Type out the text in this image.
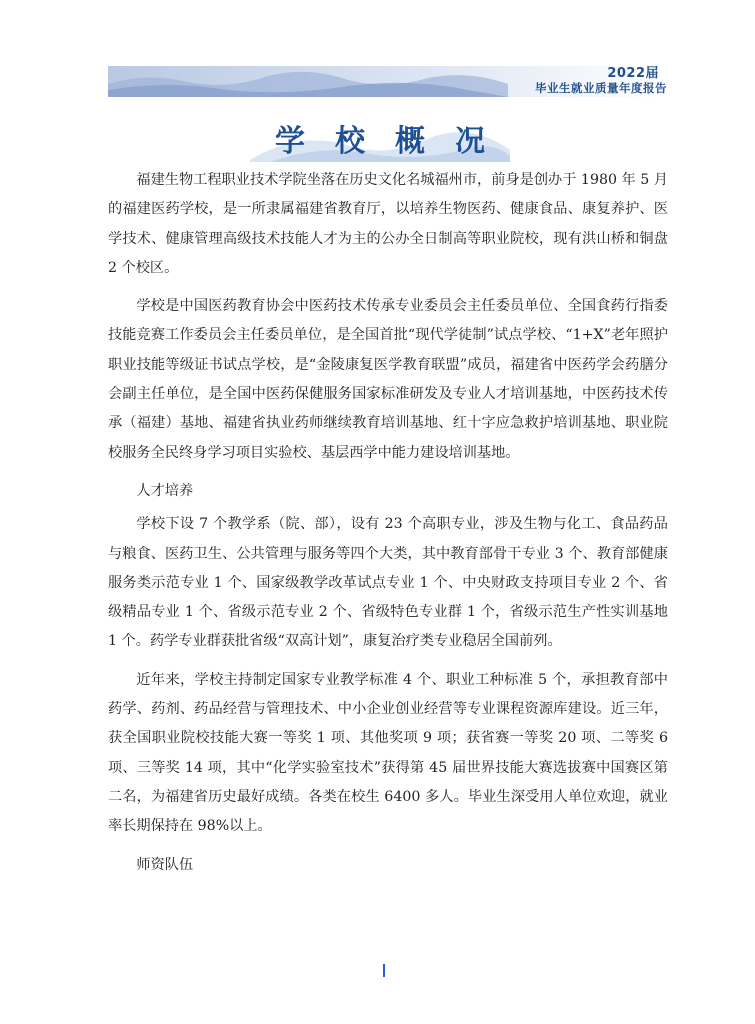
2022届
毕业生就业质量年度报告
学校概况

福建生物工程职业技术学院坐落在历史文化名城福州市，前身是创办于 1980 年 5 月的福建医药学校，是一所隶属福建省教育厅，以培养生物医药、健康食品、康复养护、医学技术、健康管理高级技术技能人才为主的公办全日制高等职业院校，现有洪山桥和铜盘 2 个校区。

学校是中国医药教育协会中医药技术传承专业委员会主任委员单位、全国食药行指委技能竞赛工作委员会主任委员单位，是全国首批“现代学徒制”试点学校、“1+X”老年照护职业技能等级证书试点学校，是“金陵康复医学教育联盟”成员，福建省中医药学会药膳分会副主任单位，是全国中医药保健服务国家标准研发及专业人才培训基地，中医药技术传承（福建）基地、福建省执业药师继续教育培训基地、红十字应急救护培训基地、职业院校服务全民终身学习项目实验校、基层西学中能力建设培训基地。

人才培养

学校下设 7 个教学系（院、部），设有 23 个高职专业，涉及生物与化工、食品药品与粮食、医药卫生、公共管理与服务等四个大类，其中教育部骨干专业 3 个、教育部健康服务类示范专业 1 个、国家级教学改革试点专业 1 个、中央财政支持项目专业 2 个、省级精品专业 1 个、省级示范专业 2 个、省级特色专业群 1 个，省级示范生产性实训基地 1 个。药学专业群获批省级“双高计划”，康复治疗类专业稳居全国前列。

近年来，学校主持制定国家专业教学标准 4 个、职业工种标准 5 个，承担教育部中药学、药剂、药品经营与管理技术、中小企业创业经营等专业课程资源库建设。近三年，获全国职业院校技能大赛一等奖 1 项、其他奖项 9 项；获省赛一等奖 20 项、二等奖 6 项、三等奖 14 项，其中“化学实验室技术”获得第 45 届世界技能大赛选拔赛中国赛区第二名，为福建省历史最好成绩。各类在校生 6400 多人。毕业生深受用人单位欢迎，就业率长期保持在 98%以上。

师资队伍
